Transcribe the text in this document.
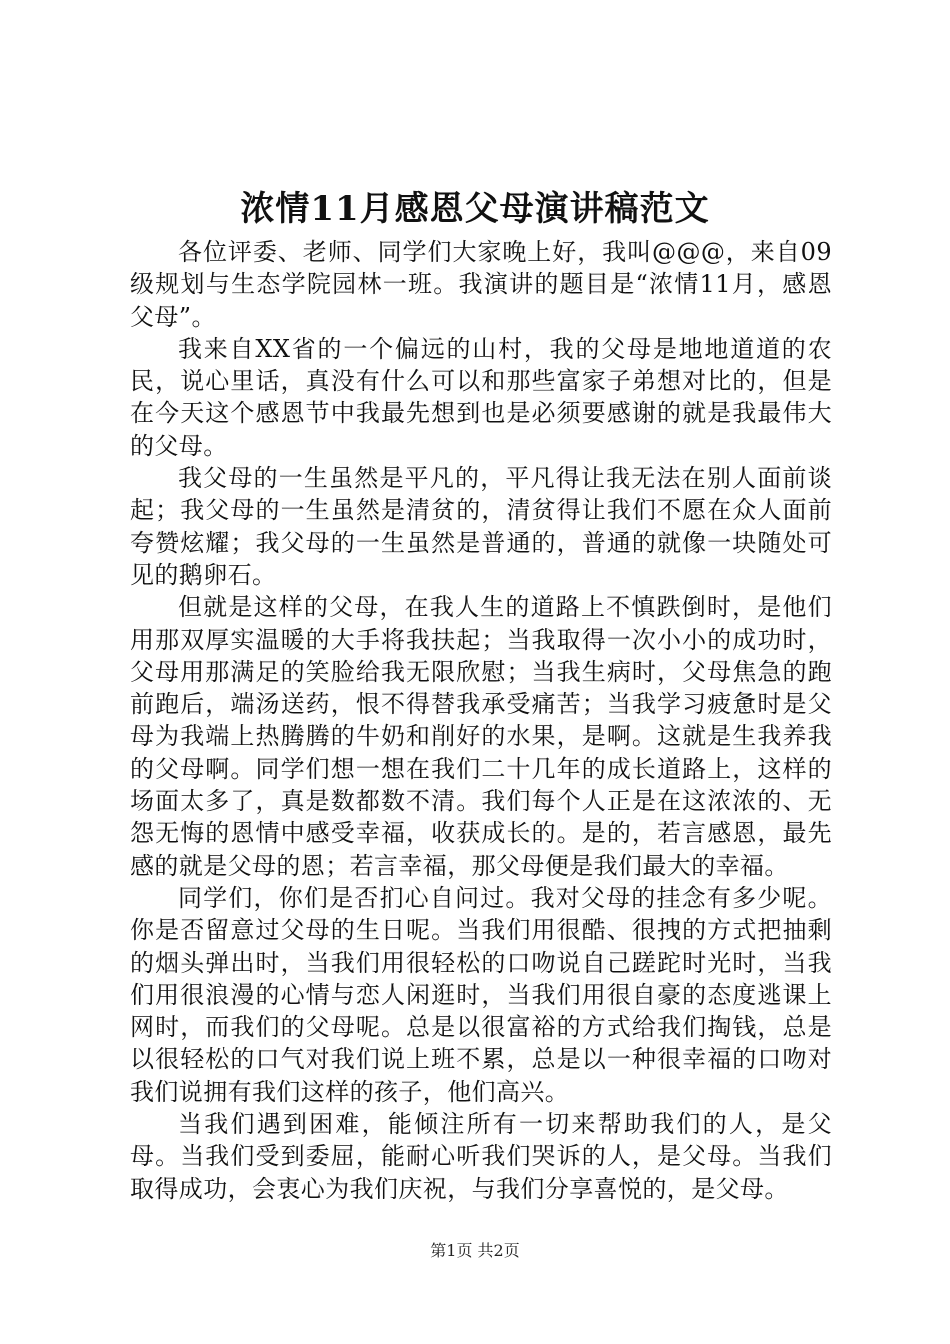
浓情11月感恩父母演讲稿范文

各位评委、老师、同学们大家晚上好，我叫@@@，来自09级规划与生态学院园林一班。我演讲的题目是“浓情11月，感恩父母”。

我来自XX省的一个偏远的山村，我的父母是地地道道的农民，说心里话，真没有什么可以和那些富家子弟想对比的，但是在今天这个感恩节中我最先想到也是必须要感谢的就是我最伟大的父母。

我父母的一生虽然是平凡的，平凡得让我无法在别人面前谈起；我父母的一生虽然是清贫的，清贫得让我们不愿在众人面前夸赞炫耀；我父母的一生虽然是普通的，普通的就像一块随处可见的鹅卵石。

但就是这样的父母，在我人生的道路上不慎跌倒时，是他们用那双厚实温暖的大手将我扶起；当我取得一次小小的成功时，父母用那满足的笑脸给我无限欣慰；当我生病时，父母焦急的跑前跑后，端汤送药，恨不得替我承受痛苦；当我学习疲惫时是父母为我端上热腾腾的牛奶和削好的水果，是啊。这就是生我养我的父母啊。同学们想一想在我们二十几年的成长道路上，这样的场面太多了，真是数都数不清。我们每个人正是在这浓浓的、无怨无悔的恩情中感受幸福，收获成长的。是的，若言感恩，最先感的就是父母的恩；若言幸福，那父母便是我们最大的幸福。

同学们，你们是否扪心自问过。我对父母的挂念有多少呢。你是否留意过父母的生日呢。当我们用很酷、很拽的方式把抽剩的烟头弹出时，当我们用很轻松的口吻说自己蹉跎时光时，当我们用很浪漫的心情与恋人闲逛时，当我们用很自豪的态度逃课上网时，而我们的父母呢。总是以很富裕的方式给我们掏钱，总是以很轻松的口气对我们说上班不累，总是以一种很幸福的口吻对我们说拥有我们这样的孩子，他们高兴。

当我们遇到困难，能倾注所有一切来帮助我们的人，是父母。当我们受到委屈，能耐心听我们哭诉的人，是父母。当我们取得成功，会衷心为我们庆祝，与我们分享喜悦的，是父母。

第1页 共2页
